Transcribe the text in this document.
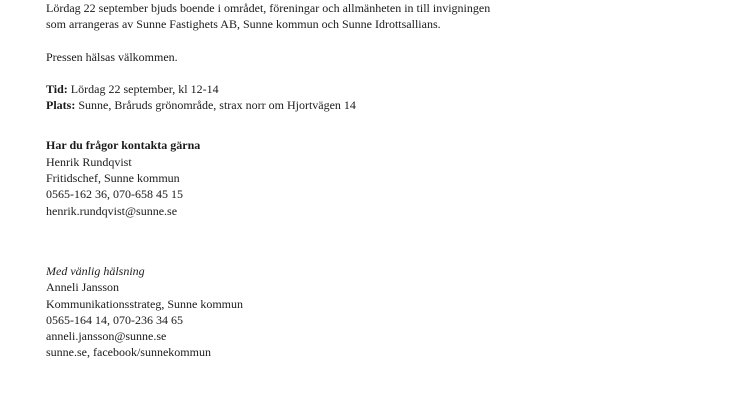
Lördag 22 september bjuds boende i området, föreningar och allmänheten in till invigningen
som arrangeras av Sunne Fastighets AB, Sunne kommun och Sunne Idrottsallians.
Pressen hälsas välkommen.
Tid: Lördag 22 september, kl 12-14
Plats: Sunne, Bråruds grönområde, strax norr om Hjortvägen 14
Har du frågor kontakta gärna
Henrik Rundqvist
Fritidschef, Sunne kommun
0565-162 36, 070-658 45 15
henrik.rundqvist@sunne.se
Med vänlig hälsning
Anneli Jansson
Kommunikationsstrateg, Sunne kommun
0565-164 14, 070-236 34 65
anneli.jansson@sunne.se
sunne.se, facebook/sunnekommun
